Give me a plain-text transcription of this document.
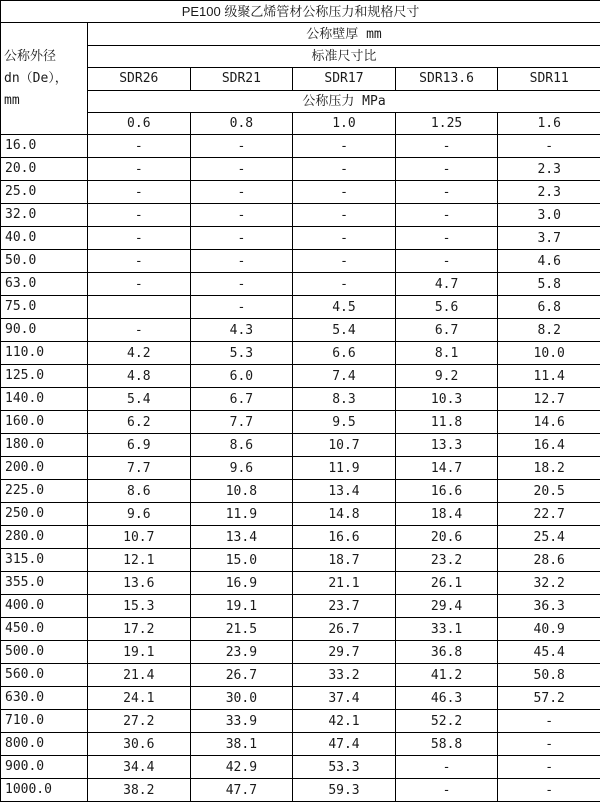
PE100 级聚乙烯管材公称压力和规格尺寸					
公称外径
dn（De），
mm	公称壁厚 mm				
	标准尺寸比				
	SDR26	SDR21	SDR17	SDR13.6	SDR11
	公称压力 MPa				
	0.6	0.8	1.0	1.25	1.6
16.0	-	-	-	-	-
20.0	-	-	-	-	2.3
25.0	-	-	-	-	2.3
32.0	-	-	-	-	3.0
40.0	-	-	-	-	3.7
50.0	-	-	-	-	4.6
63.0	-	-	-	4.7	5.8
75.0		-	4.5	5.6	6.8
90.0	-	4.3	5.4	6.7	8.2
110.0	4.2	5.3	6.6	8.1	10.0
125.0	4.8	6.0	7.4	9.2	11.4
140.0	5.4	6.7	8.3	10.3	12.7
160.0	6.2	7.7	9.5	11.8	14.6
180.0	6.9	8.6	10.7	13.3	16.4
200.0	7.7	9.6	11.9	14.7	18.2
225.0	8.6	10.8	13.4	16.6	20.5
250.0	9.6	11.9	14.8	18.4	22.7
280.0	10.7	13.4	16.6	20.6	25.4
315.0	12.1	15.0	18.7	23.2	28.6
355.0	13.6	16.9	21.1	26.1	32.2
400.0	15.3	19.1	23.7	29.4	36.3
450.0	17.2	21.5	26.7	33.1	40.9
500.0	19.1	23.9	29.7	36.8	45.4
560.0	21.4	26.7	33.2	41.2	50.8
630.0	24.1	30.0	37.4	46.3	57.2
710.0	27.2	33.9	42.1	52.2	-
800.0	30.6	38.1	47.4	58.8	-
900.0	34.4	42.9	53.3	-	-
1000.0	38.2	47.7	59.3	-	-
